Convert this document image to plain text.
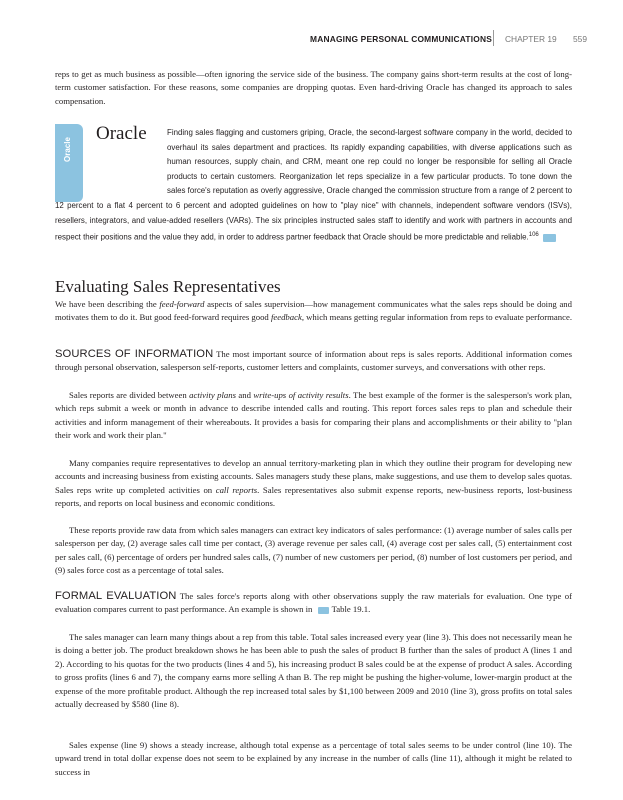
MANAGING PERSONAL COMMUNICATIONS CHAPTER 19 559

reps to get as much business as possible—often ignoring the service side of the business. The company gains short-term results at the cost of long-term customer satisfaction. For these reasons, some companies are dropping quotas. Even hard-driving Oracle has changed its approach to sales compensation.

Oracle
Oracle	Finding sales flagging and customers griping, Oracle, the second-largest software company in the world, decided to overhaul its sales department and practices. Its rapidly expanding capabilities, with diverse applications such as human resources, supply chain, and CRM, meant one rep could no longer be responsible for selling all Oracle products to certain customers. Reorganization let reps specialize in a few particular products. To tone down the sales force's reputation as overly aggressive, Oracle changed the commission structure from a range of 2 percent to 12 percent to a flat 4 percent to 6 percent and adopted guidelines on how to "play nice" with channels, independent software vendors (ISVs), resellers, integrators, and value-added resellers (VARs). The six principles instructed sales staff to identify and work with partners in accounts and respect their positions and the value they add, in order to address partner feedback that Oracle should be more predictable and reliable.$^{106}$

Evaluating Sales Representatives

We have been describing the feed-forward aspects of sales supervision—how management communicates what the sales reps should be doing and motivates them to do it. But good feed-forward requires good feedback, which means getting regular information from reps to evaluate performance.

SOURCES OF INFORMATION The most important source of information about reps is sales reports. Additional information comes through personal observation, salesperson self-reports, customer letters and complaints, customer surveys, and conversations with other reps.

Sales reports are divided between activity plans and write-ups of activity results. The best example of the former is the salesperson's work plan, which reps submit a week or month in advance to describe intended calls and routing. This report forces sales reps to plan and schedule their activities and inform management of their whereabouts. It provides a basis for comparing their plans and accomplishments or their ability to "plan their work and work their plan."

Many companies require representatives to develop an annual territory-marketing plan in which they outline their program for developing new accounts and increasing business from existing accounts. Sales managers study these plans, make suggestions, and use them to develop sales quotas. Sales reps write up completed activities on call reports. Sales representatives also submit expense reports, new-business reports, lost-business reports, and reports on local business and economic conditions.

These reports provide raw data from which sales managers can extract key indicators of sales performance: (1) average number of sales calls per salesperson per day, (2) average sales call time per contact, (3) average revenue per sales call, (4) average cost per sales call, (5) entertainment cost per sales call, (6) percentage of orders per hundred sales calls, (7) number of new customers per period, (8) number of lost customers per period, and (9) sales force cost as a percentage of total sales.

FORMAL EVALUATION The sales force's reports along with other observations supply the raw materials for evaluation. One type of evaluation compares current to past performance. An example is shown in Table 19.1.

The sales manager can learn many things about a rep from this table. Total sales increased every year (line 3). This does not necessarily mean he is doing a better job. The product breakdown shows he has been able to push the sales of product B further than the sales of product A (lines 1 and 2). According to his quotas for the two products (lines 4 and 5), his increasing product B sales could be at the expense of product A sales. According to gross profits (lines 6 and 7), the company earns more selling A than B. The rep might be pushing the higher-volume, lower-margin product at the expense of the more profitable product. Although the rep increased total sales by $1,100 between 2009 and 2010 (line 3), gross profits on total sales actually decreased by $580 (line 8).

Sales expense (line 9) shows a steady increase, although total expense as a percentage of total sales seems to be under control (line 10). The upward trend in total dollar expense does not seem to be explained by any increase in the number of calls (line 11), although it might be related to success in
